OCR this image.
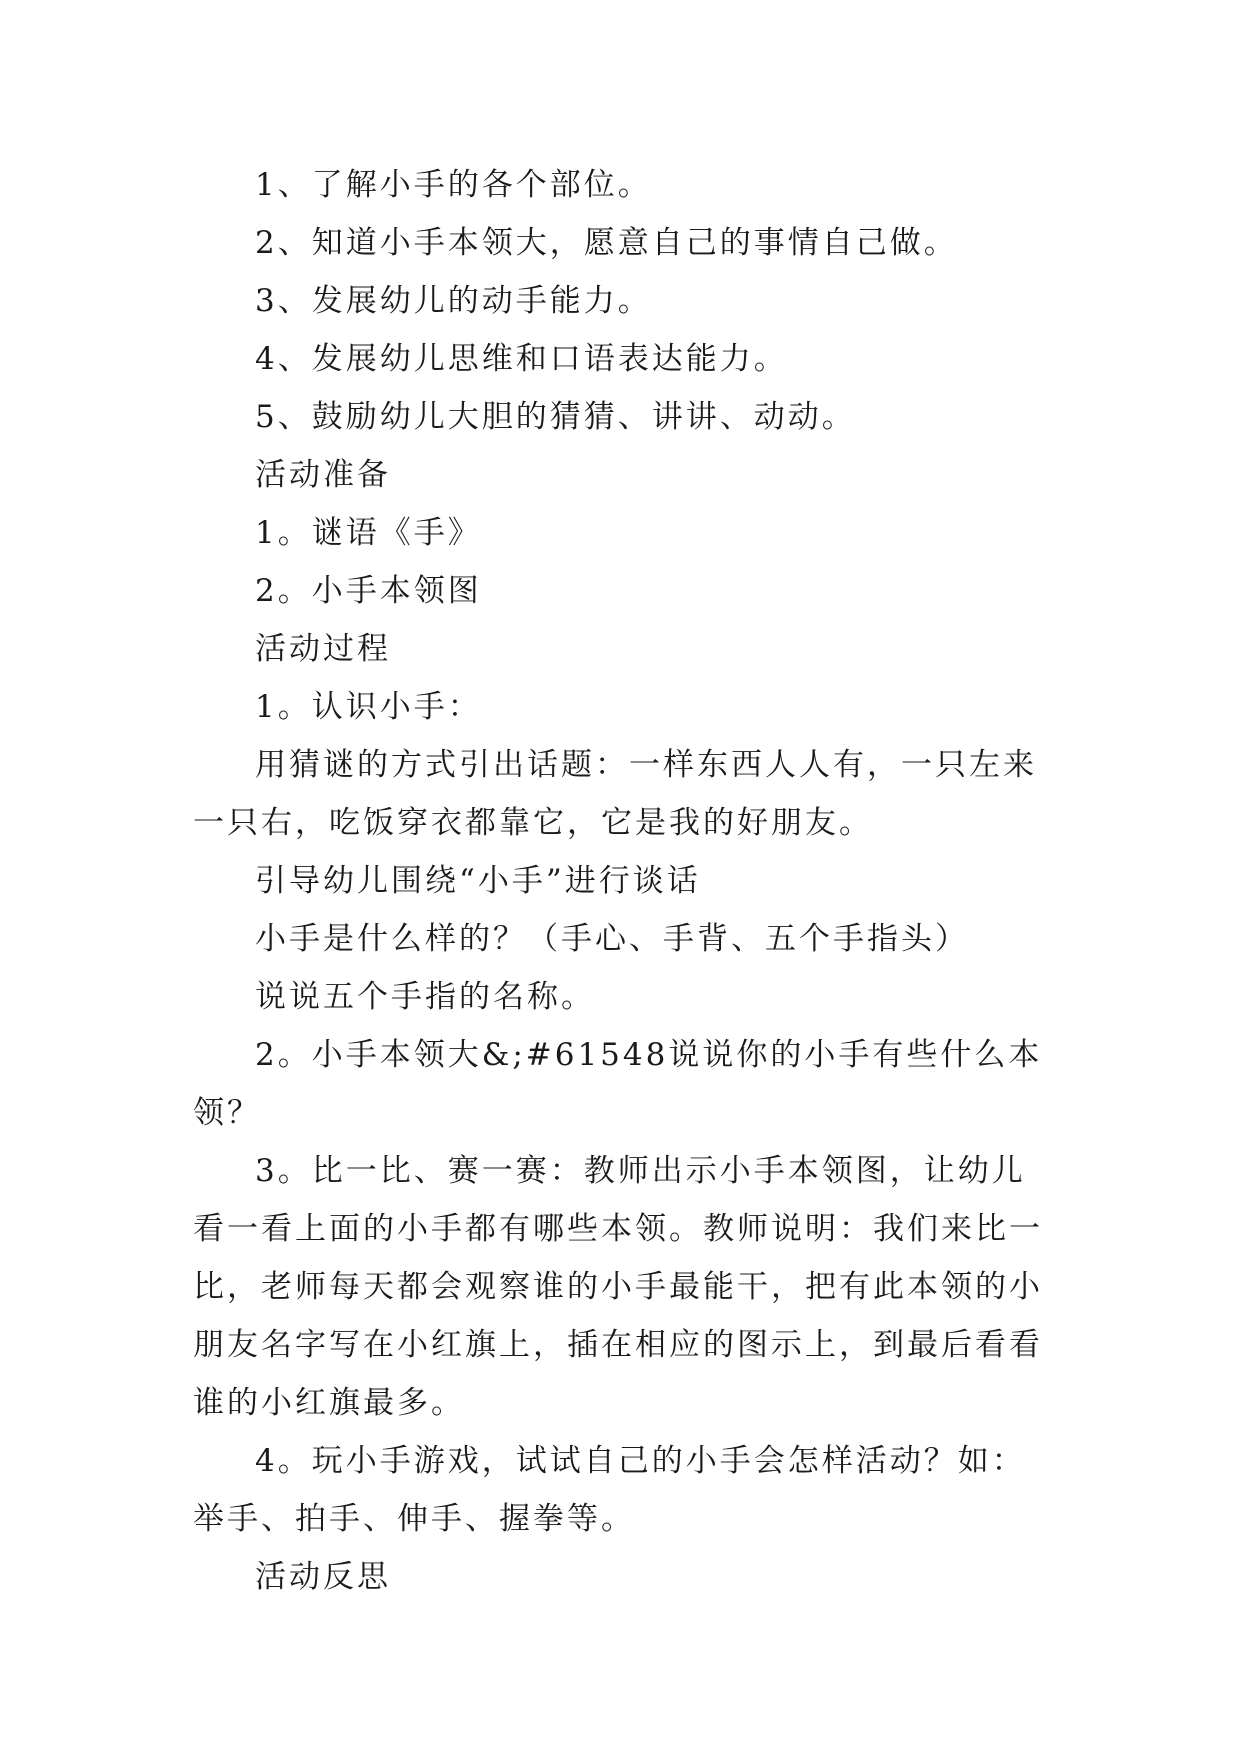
1、了解小手的各个部位。

2、知道小手本领大，愿意自己的事情自己做。

3、发展幼儿的动手能力。

4、发展幼儿思维和口语表达能力。

5、鼓励幼儿大胆的猜猜、讲讲、动动。

活动准备

1。谜语《手》

2。小手本领图

活动过程

1。认识小手：

用猜谜的方式引出话题：一样东西人人有，一只左来一只右，吃饭穿衣都靠它，它是我的好朋友。

引导幼儿围绕“小手”进行谈话

小手是什么样的？（手心、手背、五个手指头）

说说五个手指的名称。

2。小手本领大&;#61548说说你的小手有些什么本领？

3。比一比、赛一赛：教师出示小手本领图，让幼儿看一看上面的小手都有哪些本领。教师说明：我们来比一比，老师每天都会观察谁的小手最能干，把有此本领的小朋友名字写在小红旗上，插在相应的图示上，到最后看看谁的小红旗最多。

4。玩小手游戏，试试自己的小手会怎样活动？如：举手、拍手、伸手、握拳等。

活动反思
